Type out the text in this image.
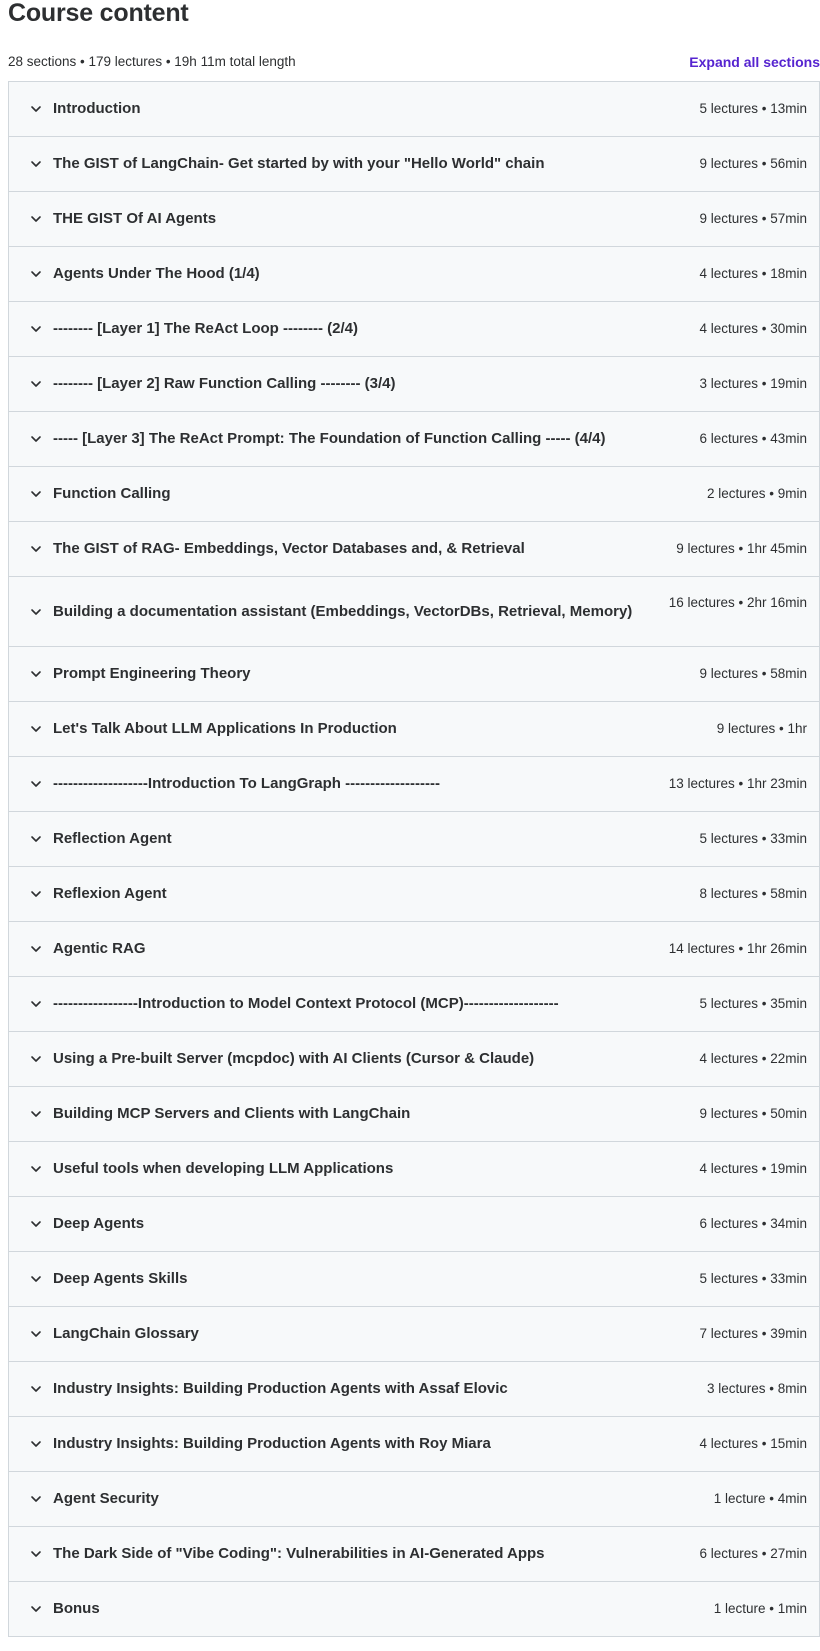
Course content
28 sections • 179 lectures • 19h 11m total length	Expand all sections
Introduction	5 lectures • 13min
The GIST of LangChain- Get started by with your "Hello World" chain	9 lectures • 56min
THE GIST Of AI Agents	9 lectures • 57min
Agents Under The Hood (1/4)	4 lectures • 18min
-------- [Layer 1] The ReAct Loop -------- (2/4)	4 lectures • 30min
-------- [Layer 2] Raw Function Calling -------- (3/4)	3 lectures • 19min
----- [Layer 3] The ReAct Prompt: The Foundation of Function Calling ----- (4/4)	6 lectures • 43min
Function Calling	2 lectures • 9min
The GIST of RAG- Embeddings, Vector Databases and, & Retrieval	9 lectures • 1hr 45min
Building a documentation assistant (Embeddings, VectorDBs, Retrieval, Memory)	16 lectures • 2hr 16min
Prompt Engineering Theory	9 lectures • 58min
Let's Talk About LLM Applications In Production	9 lectures • 1hr
-------------------Introduction To LangGraph -------------------	13 lectures • 1hr 23min
Reflection Agent	5 lectures • 33min
Reflexion Agent	8 lectures • 58min
Agentic RAG	14 lectures • 1hr 26min
-----------------Introduction to Model Context Protocol (MCP)-------------------	5 lectures • 35min
Using a Pre-built Server (mcpdoc) with AI Clients (Cursor & Claude)	4 lectures • 22min
Building MCP Servers and Clients with LangChain	9 lectures • 50min
Useful tools when developing LLM Applications	4 lectures • 19min
Deep Agents	6 lectures • 34min
Deep Agents Skills	5 lectures • 33min
LangChain Glossary	7 lectures • 39min
Industry Insights: Building Production Agents with Assaf Elovic	3 lectures • 8min
Industry Insights: Building Production Agents with Roy Miara	4 lectures • 15min
Agent Security	1 lecture • 4min
The Dark Side of "Vibe Coding": Vulnerabilities in AI-Generated Apps	6 lectures • 27min
Bonus	1 lecture • 1min
